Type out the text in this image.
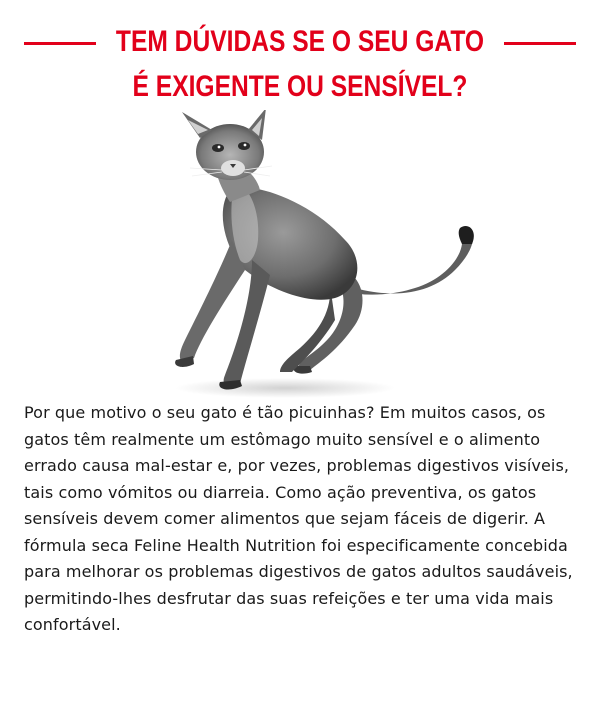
TEM DÚVIDAS SE O SEU GATO
É EXIGENTE OU SENSÍVEL?

Por que motivo o seu gato é tão picuinhas? Em muitos casos, os gatos têm realmente um estômago muito sensível e o alimento errado causa mal-estar e, por vezes, problemas digestivos visíveis, tais como vómitos ou diarreia. Como ação preventiva, os gatos sensíveis devem comer alimentos que sejam fáceis de digerir. A fórmula seca Feline Health Nutrition foi especificamente concebida para melhorar os problemas digestivos de gatos adultos saudáveis, permitindo-lhes desfrutar das suas refeições e ter uma vida mais confortável.
